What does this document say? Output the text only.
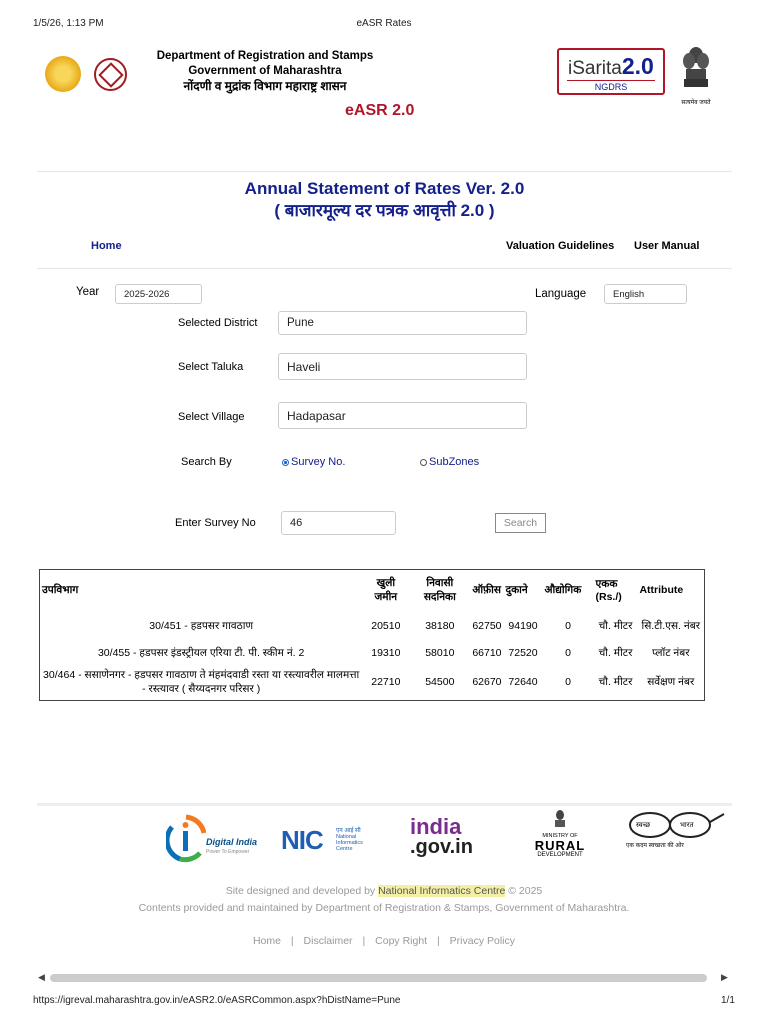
1/5/26, 1:13 PM	eASR Rates
Department of Registration and Stamps
Government of Maharashtra
नोंदणी व मुद्रांक विभाग महाराष्ट्र शासन
eASR 2.0
iSarita2.0
NGDRS
सत्यमेव जयते
Annual Statement of Rates Ver. 2.0
( बाजारमूल्य दर पत्रक आवृत्ती 2.0 )
Home	Valuation Guidelines User Manual
Year	2025-2026	Language	English
Selected District	Pune
Select Taluka	Haveli
Select Village	Hadapasar
Search By	Survey No.	SubZones
Enter Survey No	46	Search
उपविभाग	खुली जमीन	निवासी सदनिका	ऑफ़ीस	दुकाने	औद्योगिक	एकक (Rs./)	Attribute
30/451 - हडपसर गावठाण	20510	38180	62750	94190	0	चौ. मीटर	सि.टी.एस. नंबर
30/455 - हडपसर इंडस्ट्रीयल एरिया टी. पी. स्कीम नं. 2	19310	58010	66710	72520	0	चौ. मीटर	प्लॉट नंबर
30/464 - ससाणेनगर - हडपसर गावठाण ते मंहमंदवाडी रस्ता या रस्त्यावरील मालमत्ता - रस्त्यावर ( सैय्यदनगर परिसर )	22710	54500	62670	72640	0	चौ. मीटर	सर्वेक्षण नंबर
Digital India
Power To Empower NIC एन आई सी
National
Informatics
Centre
india
.gov.in	MINISTRY OF
RURAL
DEVELOPMENT
स्वच्छ	भारत
एक कदम स्वच्छता की ओर
Site designed and developed by National Informatics Centre © 2025
Contents provided and maintained by Department of Registration & Stamps, Government of Maharashtra.
Home | Disclaimer | Copy Right | Privacy Policy
◀	▶
https://igreval.maharashtra.gov.in/eASR2.0/eASRCommon.aspx?hDistName=Pune	1/1
